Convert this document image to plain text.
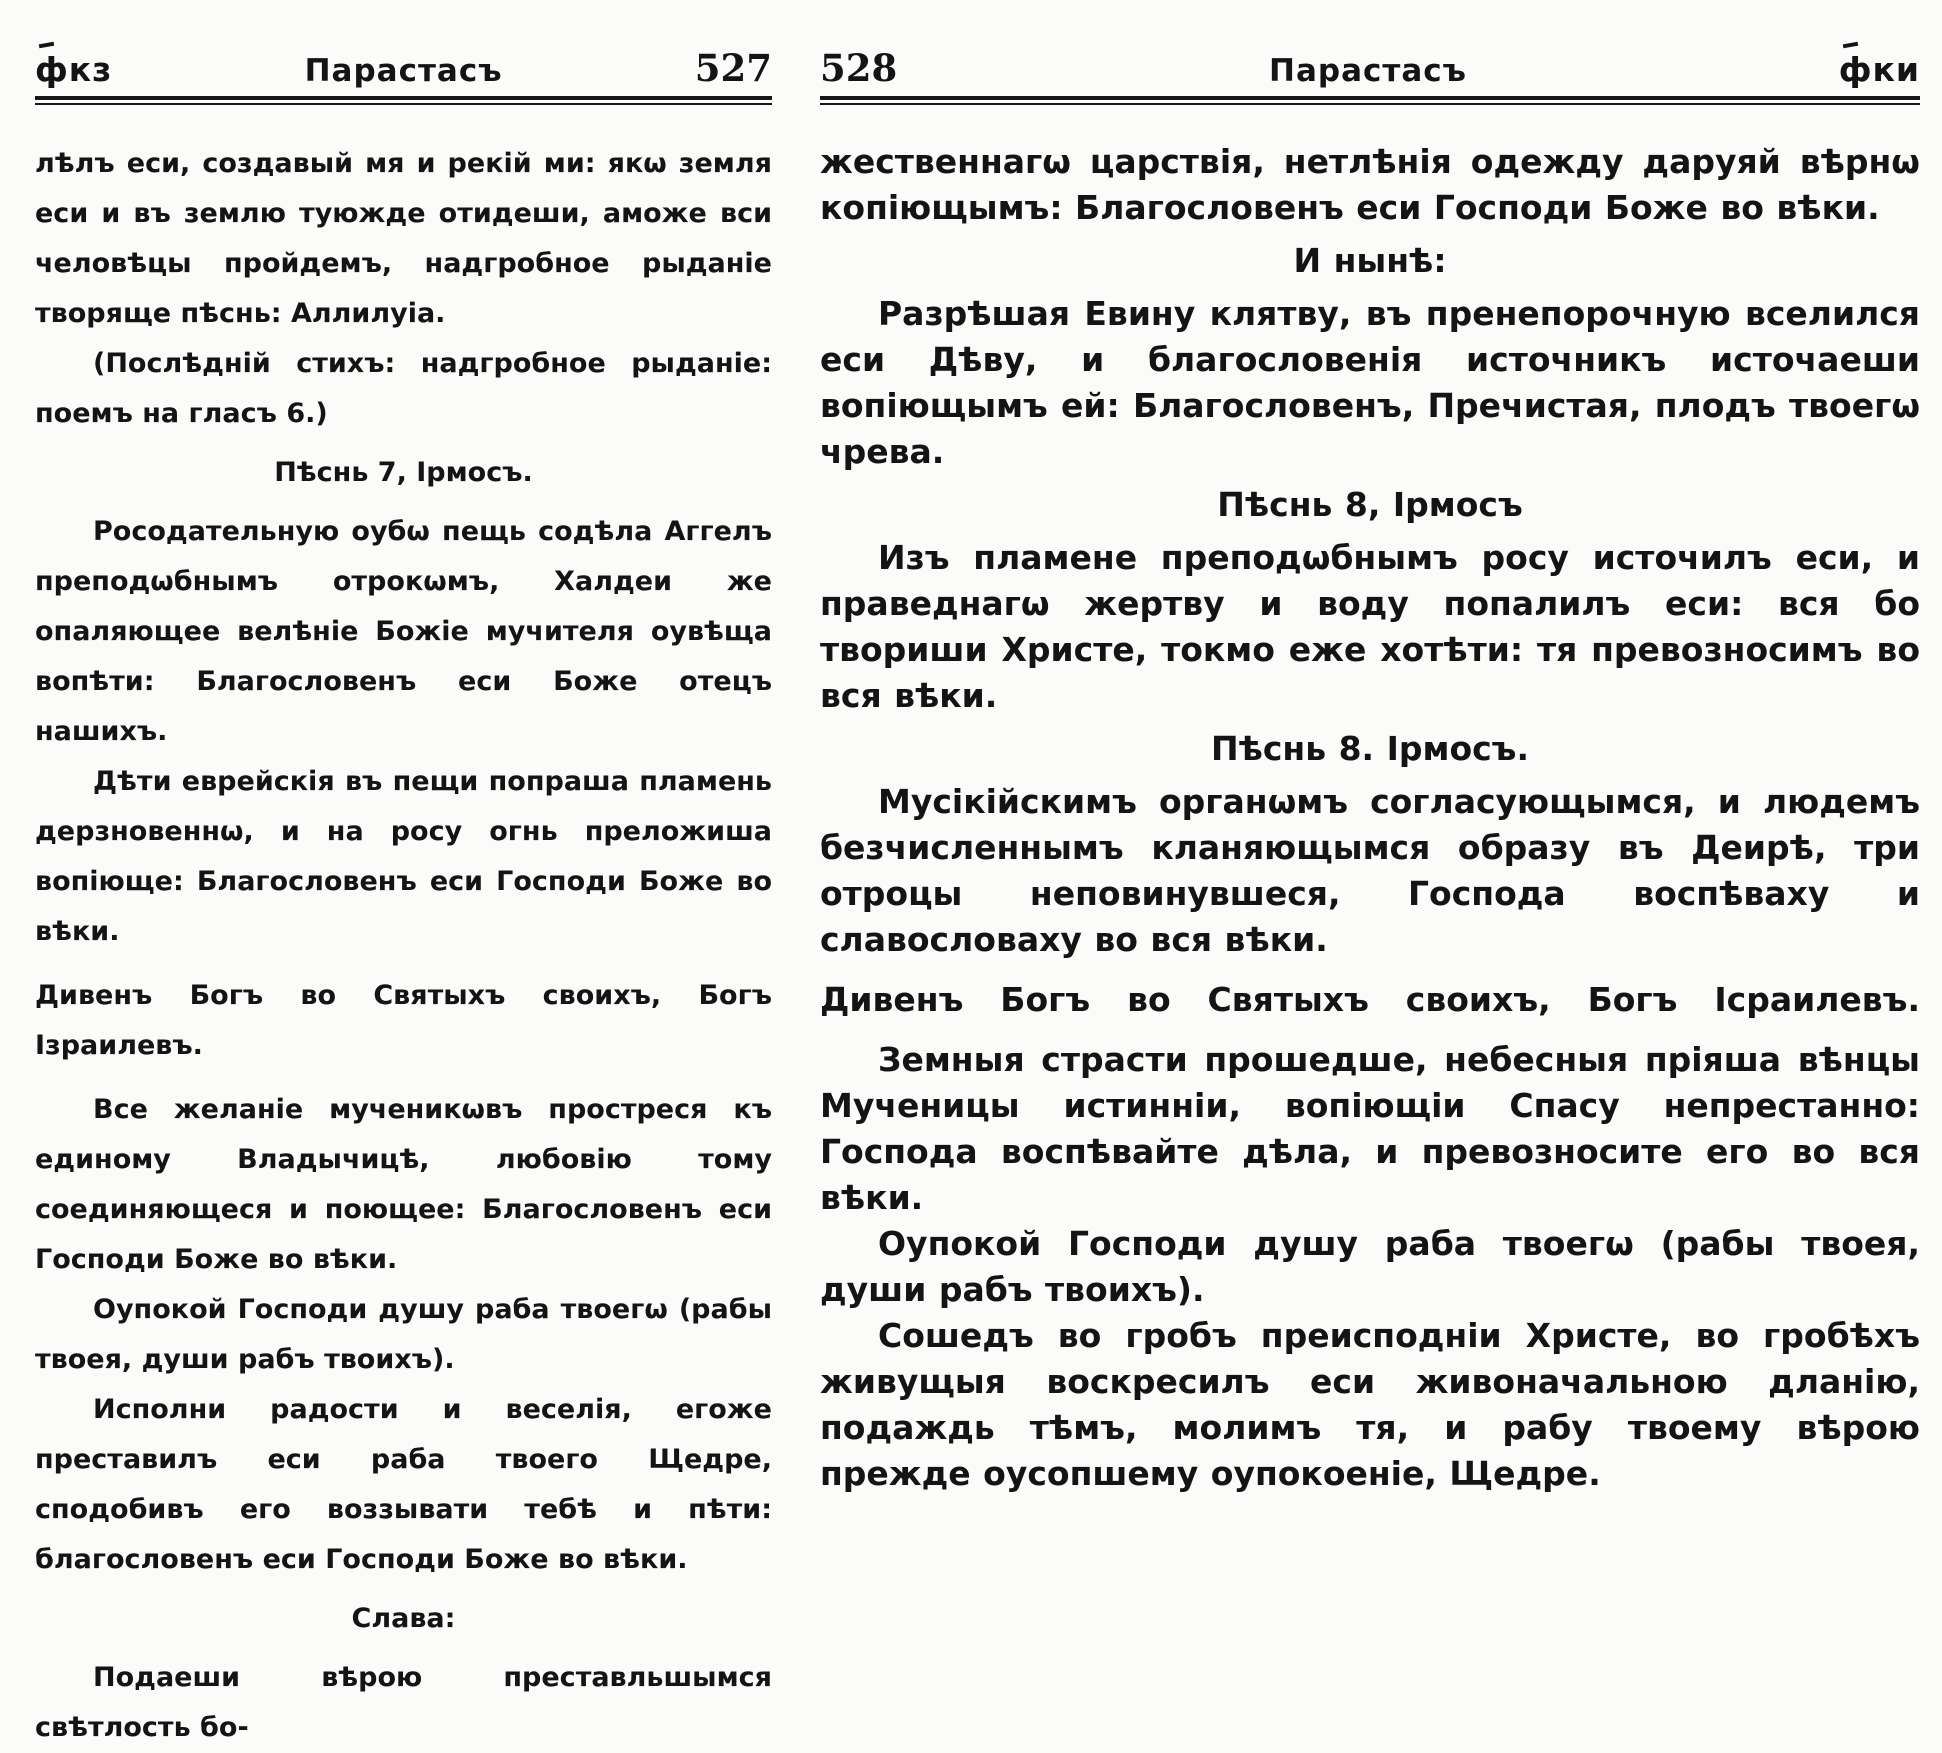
фкз	Парастасъ	527

лѣлъ еси, создавый мя и рекій ми: якѡ земля еси и въ землю туюжде отидеши, аможе вси человѣцы пройдемъ, надгробное рыданіе творяще пѣснь: Аллилуіа.

(Послѣдній стихъ: надгробное рыданіе: поемъ на гласъ 6.)

Пѣснь 7, Ірмосъ.

Росодательную оубѡ пещь содѣла Аггелъ преподѡбнымъ отрокѡмъ, Халдеи же опаляющее велѣніе Божіе мучителя оувѣща вопѣти: Благословенъ еси Боже отецъ нашихъ.

Дѣти еврейскія въ пещи попраша пламень дерзновеннѡ, и на росу огнь преложиша вопіюще: Благословенъ еси Господи Боже во вѣки.

Дивенъ Богъ во Святыхъ своихъ, Богъ Ізраилевъ.

Все желаніе мученикѡвъ простреся къ единому Владычицѣ, любовію тому соединяющеся и поющее: Благословенъ еси Господи Боже во вѣки.

Оупокой Господи душу раба твоегѡ (рабы твоея, души рабъ твоихъ).

Исполни радости и веселія, егоже преставилъ еси раба твоего Щедре, сподобивъ его воззывати тебѣ и пѣти: благословенъ еси Господи Боже во вѣки.

Слава:

Подаеши вѣрою преставльшымся свѣтлость бо-

528	Парастасъ	фки

жественнагѡ царствія, нетлѣнія одежду даруяй вѣрнѡ копіющымъ: Благословенъ еси Господи Боже во вѣки.

И нынѣ:

Разрѣшая Евину клятву, въ пренепорочную вселился еси Дѣву, и благословенія источникъ источаеши вопіющымъ ей: Благословенъ, Пречистая, плодъ твоегѡ чрева.

Пѣснь 8, Ірмосъ

Изъ пламене преподѡбнымъ росу источилъ еси, и праведнагѡ жертву и воду попалилъ еси: вся бо твориши Христе, токмо еже хотѣти: тя превозносимъ во вся вѣки.

Пѣснь 8. Ірмосъ.

Мусікійскимъ органѡмъ согласующымся, и людемъ безчисленнымъ кланяющымся образу въ Деирѣ, три отроцы неповинувшеся, Господа воспѣваху и славословаху во вся вѣки.

Дивенъ Богъ во Святыхъ своихъ, Богъ Ісраилевъ.

Земныя страсти прошедше, небесныя пріяша вѣнцы Мученицы истинніи, вопіющіи Спасу непрестанно: Господа воспѣвайте дѣла, и превозносите его во вся вѣки.

Оупокой Господи душу раба твоегѡ (рабы твоея, души рабъ твоихъ).

Сошедъ во гробъ преисподніи Христе, во гробѣхъ живущыя воскресилъ еси живоначальною дланію, подаждь тѣмъ, молимъ тя, и рабу твоему вѣрою прежде оусопшему оупокоеніе, Щедре.
